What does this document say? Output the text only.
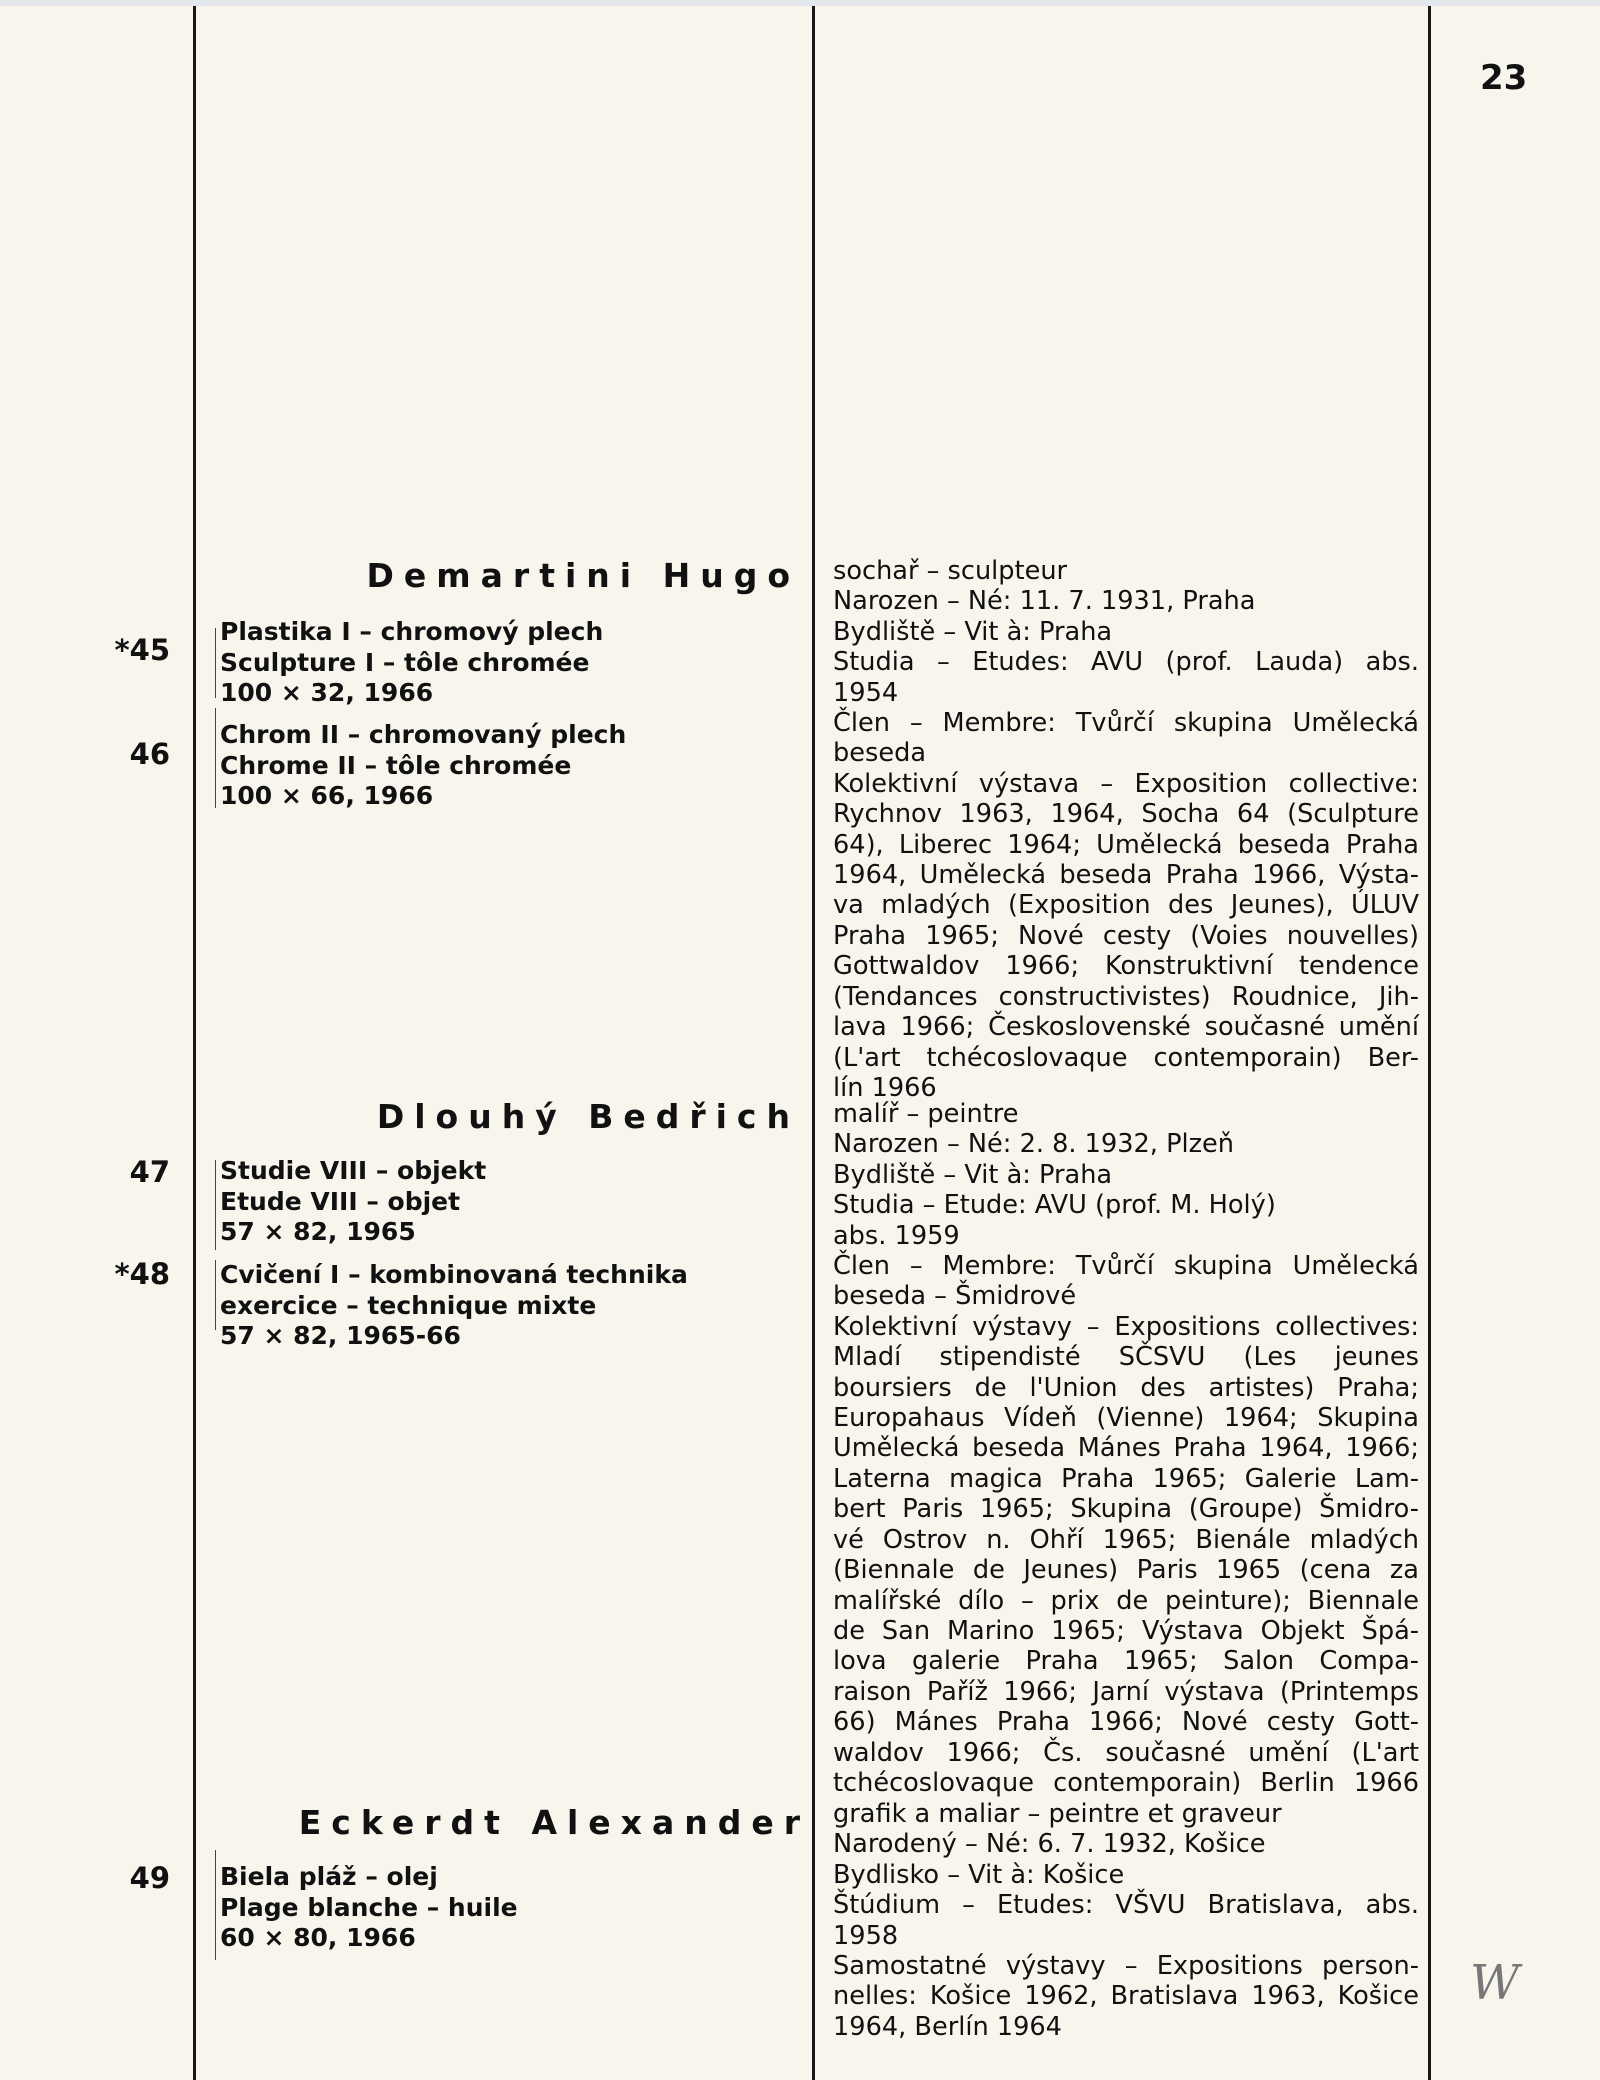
23
Demartini Hugo
*45
Plastika I – chromový plech
Sculpture I – tôle chromée
100 × 32, 1966
46
Chrom II – chromovaný plech
Chrome II – tôle chromée
100 × 66, 1966
sochař – sculpteur
Narozen – Né: 11. 7. 1931, Praha
Bydliště – Vit à: Praha
Studia – Etudes: AVU (prof. Lauda) abs.
1954
Člen – Membre: Tvůrčí skupina Umělecká
beseda
Kolektivní výstava – Exposition collective:
Rychnov 1963, 1964, Socha 64 (Sculpture
64), Liberec 1964; Umělecká beseda Praha
1964, Umělecká beseda Praha 1966, Výsta-
va mladých (Exposition des Jeunes), ÚLUV
Praha 1965; Nové cesty (Voies nouvelles)
Gottwaldov 1966; Konstruktivní tendence
(Tendances constructivistes) Roudnice, Jih-
lava 1966; Československé současné umění
(L'art tchécoslovaque contemporain) Ber-
lín 1966
Dlouhý Bedřich
47 Studie VIII – objekt
Etude VIII – objet
57 × 82, 1965
*48 Cvičení I – kombinovaná technika
exercice – technique mixte
57 × 82, 1965-66
malíř – peintre
Narozen – Né: 2. 8. 1932, Plzeň
Bydliště – Vit à: Praha
Studia – Etude: AVU (prof. M. Holý)
abs. 1959
Člen – Membre: Tvůrčí skupina Umělecká
beseda – Šmidrové
Kolektivní výstavy – Expositions collectives:
Mladí stipendisté SČSVU (Les jeunes
boursiers de l'Union des artistes) Praha;
Europahaus Vídeň (Vienne) 1964; Skupina
Umělecká beseda Mánes Praha 1964, 1966;
Laterna magica Praha 1965; Galerie Lam-
bert Paris 1965; Skupina (Groupe) Šmidro-
vé Ostrov n. Ohří 1965; Bienále mladých
(Biennale de Jeunes) Paris 1965 (cena za
malířské dílo – prix de peinture); Biennale
de San Marino 1965; Výstava Objekt Špá-
lova galerie Praha 1965; Salon Compa-
raison Paříž 1966; Jarní výstava (Printemps
66) Mánes Praha 1966; Nové cesty Gott-
waldov 1966; Čs. současné umění (L'art
tchécoslovaque contemporain) Berlin 1966
Eckerdt Alexander
49 Biela pláž – olej
Plage blanche – huile
60 × 80, 1966
grafik a maliar – peintre et graveur
Narodený – Né: 6. 7. 1932, Košice
Bydlisko – Vit à: Košice
Štúdium – Etudes: VŠVU Bratislava, abs.
1958
Samostatné výstavy – Expositions person-
nelles: Košice 1962, Bratislava 1963, Košice
1964, Berlín 1964
W
